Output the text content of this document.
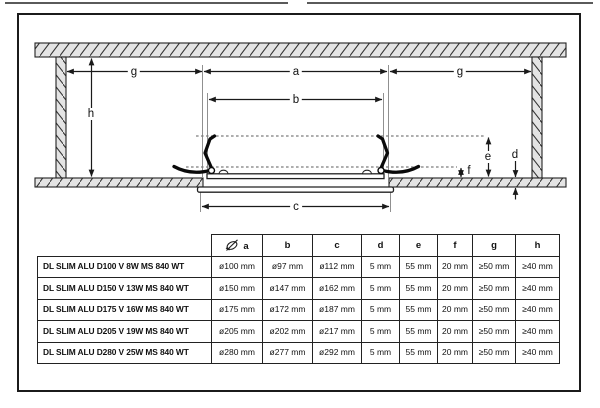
g	a	g
b
h
c
e d
f
	a	b	c	d	e	f	g	h
DL SLIM ALU D100 V 8W MS 840 WT	ø100 mm	ø97 mm	ø112 mm	5 mm	55 mm	20 mm	≥50 mm	≥40 mm
DL SLIM ALU D150 V 13W MS 840 WT	ø150 mm	ø147 mm	ø162 mm	5 mm	55 mm	20 mm	≥50 mm	≥40 mm
DL SLIM ALU D175 V 16W MS 840 WT	ø175 mm	ø172 mm	ø187 mm	5 mm	55 mm	20 mm	≥50 mm	≥40 mm
DL SLIM ALU D205 V 19W MS 840 WT	ø205 mm	ø202 mm	ø217 mm	5 mm	55 mm	20 mm	≥50 mm	≥40 mm
DL SLIM ALU D280 V 25W MS 840 WT	ø280 mm	ø277 mm	ø292 mm	5 mm	55 mm	20 mm	≥50 mm	≥40 mm
